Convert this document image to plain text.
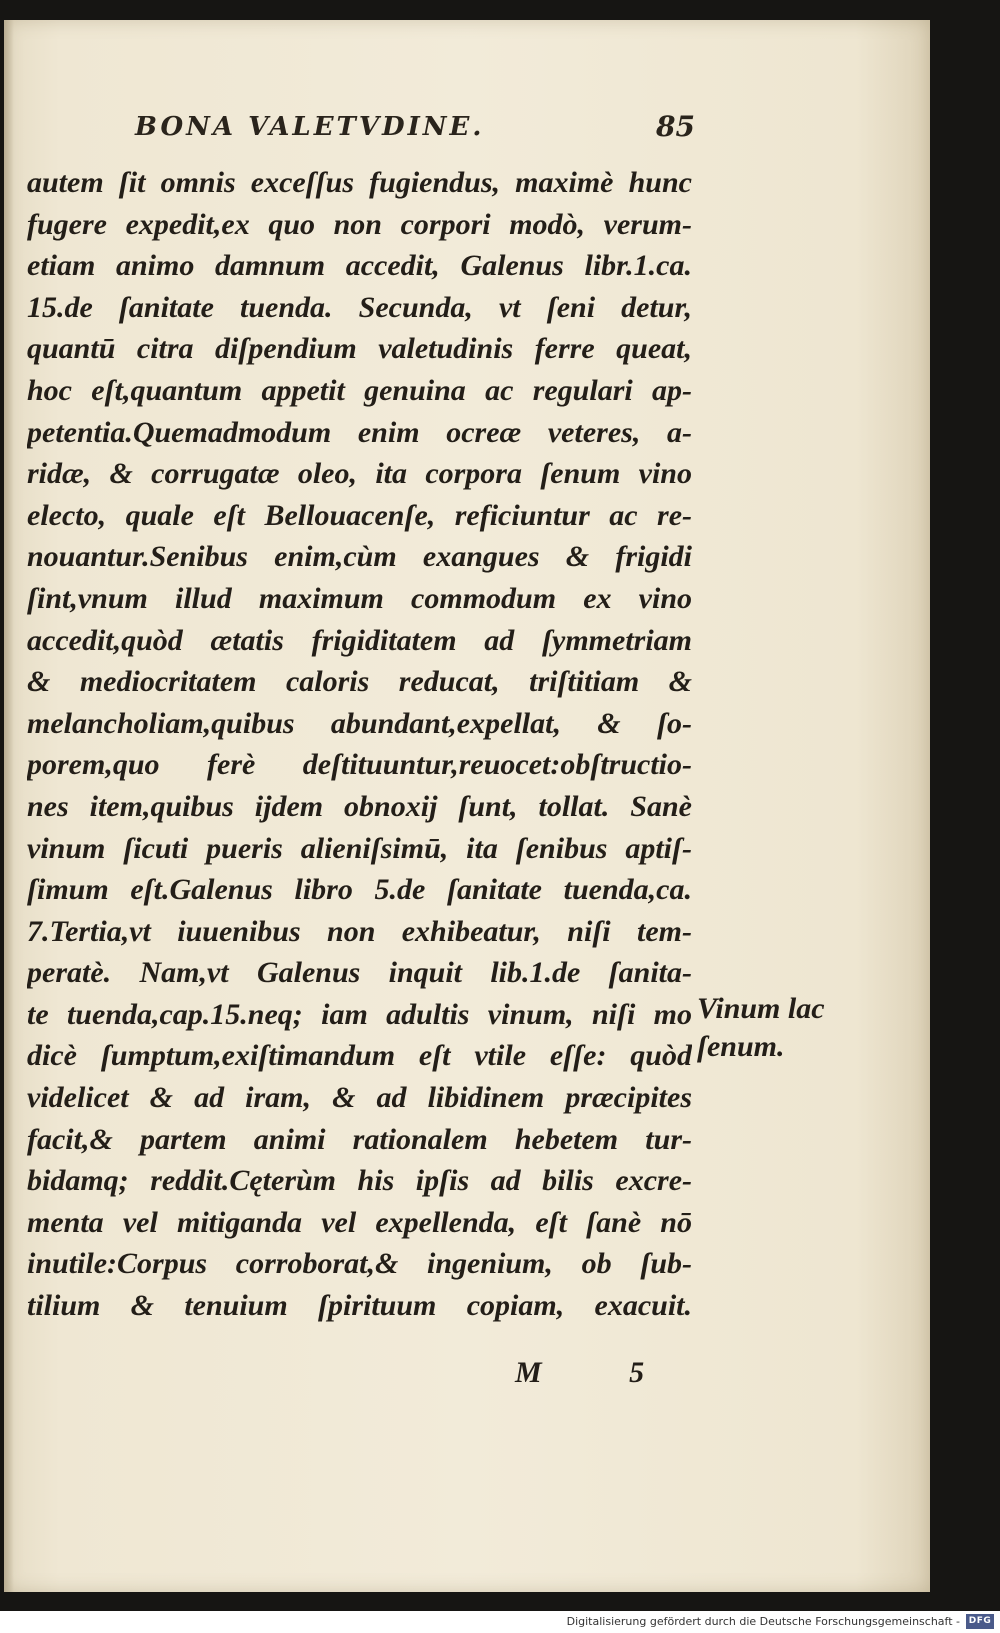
BONA VALETVDINE.	85
autem ſit omnis exceſſus fugiendus, maximè hunc
fugere expedit,ex quo non corpori modò, verum-
etiam animo damnum accedit, Galenus libr.1.ca.
15.de ſanitate tuenda. Secunda, vt ſeni detur,
quantū citra diſpendium valetudinis ferre queat,
hoc eſt,quantum appetit genuina ac regulari ap-
petentia.Quemadmodum enim ocreæ veteres, a-
ridæ, & corrugatæ oleo, ita corpora ſenum vino
electo, quale eſt Bellouacenſe, reficiuntur ac re-
nouantur.Senibus enim,cùm exangues & frigidi
ſint,vnum illud maximum commodum ex vino
accedit,quòd ætatis frigiditatem ad ſymmetriam
& mediocritatem caloris reducat, triſtitiam &
melancholiam,quibus abundant,expellat, & ſo-
porem,quo ferè deſtituuntur,reuocet:obſtructio-
nes item,quibus ijdem obnoxij ſunt, tollat. Sanè
vinum ſicuti pueris alieniſsimū, ita ſenibus aptiſ-
ſimum eſt.Galenus libro 5.de ſanitate tuenda,ca.
7.Tertia,vt iuuenibus non exhibeatur, niſi tem-
peratè. Nam,vt Galenus inquit lib.1.de ſanita-
te tuenda,cap.15.neq; iam adultis vinum, niſi mo
dicè ſumptum,exiſtimandum eſt vtile eſſe: quòd
videlicet & ad iram, & ad libidinem præcipites
facit,& partem animi rationalem hebetem tur-
bidamq; reddit.Cęterùm his ipſis ad bilis excre-
menta vel mitiganda vel expellenda, eſt ſanè nō
inutile:Corpus corroborat,& ingenium, ob ſub-
tilium & tenuium ſpirituum copiam, exacuit.
Vinum lac
ſenum.
M 5
Digitalisierung gefördert durch die Deutsche Forschungsgemeinschaft - DFG
